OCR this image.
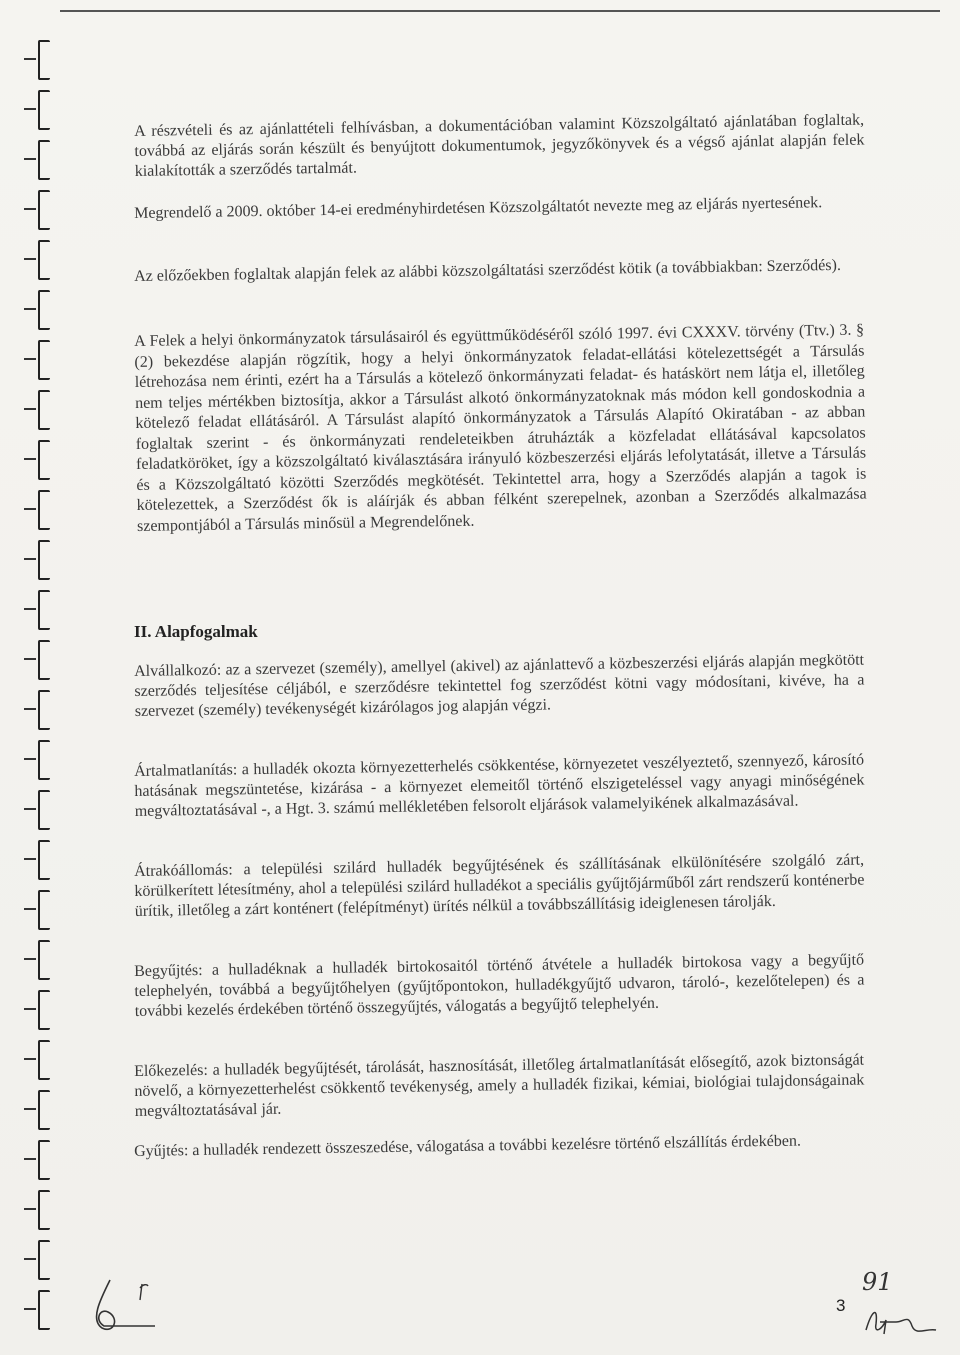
A részvételi és az ajánlattételi felhívásban, a dokumentációban valamint Közszolgáltató ajánlatában foglaltak, továbbá az eljárás során készült és benyújtott dokumentumok, jegyzőkönyvek és a végső ajánlat alapján felek kialakították a szerződés tartalmát.

Megrendelő a 2009. október 14-ei eredményhirdetésen Közszolgáltatót nevezte meg az eljárás nyertesének.

Az előzőekben foglaltak alapján felek az alábbi közszolgáltatási szerződést kötik (a továbbiakban: Szerződés).

A Felek a helyi önkormányzatok társulásairól és együttműködéséről szóló 1997. évi CXXXV. törvény (Ttv.) 3. § (2) bekezdése alapján rögzítik, hogy a helyi önkormányzatok feladat-ellátási kötelezettségét a Társulás létrehozása nem érinti, ezért ha a Társulás a kötelező önkormányzati feladat- és hatáskört nem látja el, illetőleg nem teljes mértékben biztosítja, akkor a Társulást alkotó önkormányzatoknak más módon kell gondoskodnia a kötelező feladat ellátásáról. A Társulást alapító önkormányzatok a Társulás Alapító Okiratában - az abban foglaltak szerint - és önkormányzati rendeleteikben átruházták a közfeladat ellátásával kapcsolatos feladatköröket, így a közszolgáltató kiválasztására irányuló közbeszerzési eljárás lefolytatását, illetve a Társulás és a Közszolgáltató közötti Szerződés megkötését. Tekintettel arra, hogy a Szerződés alapján a tagok is kötelezettek, a Szerződést ők is aláírják és abban félként szerepelnek, azonban a Szerződés alkalmazása szempontjából a Társulás minősül a Megrendelőnek.

II. Alapfogalmak

Alvállalkozó: az a szervezet (személy), amellyel (akivel) az ajánlattevő a közbeszerzési eljárás alapján megkötött szerződés teljesítése céljából, e szerződésre tekintettel fog szerződést kötni vagy módosítani, kivéve, ha a szervezet (személy) tevékenységét kizárólagos jog alapján végzi.

Ártalmatlanítás: a hulladék okozta környezetterhelés csökkentése, környezetet veszélyeztető, szennyező, károsító hatásának megszüntetése, kizárása - a környezet elemeitől történő elszigeteléssel vagy anyagi minőségének megváltoztatásával -, a Hgt. 3. számú mellékletében felsorolt eljárások valamelyikének alkalmazásával.

Átrakóállomás: a települési szilárd hulladék begyűjtésének és szállításának elkülönítésére szolgáló zárt, körülkerített létesítmény, ahol a települési szilárd hulladékot a speciális gyűjtőjárműből zárt rendszerű konténerbe ürítik, illetőleg a zárt konténert (felépítményt) ürítés nélkül a továbbszállításig ideiglenesen tárolják.

Begyűjtés: a hulladéknak a hulladék birtokosaitól történő átvétele a hulladék birtokosa vagy a begyűjtő telephelyén, továbbá a begyűjtőhelyen (gyűjtőpontokon, hulladékgyűjtő udvaron, tároló-, kezelőtelepen) és a további kezelés érdekében történő összegyűjtés, válogatás a begyűjtő telephelyén.

Előkezelés: a hulladék begyűjtését, tárolását, hasznosítását, illetőleg ártalmatlanítását elősegítő, azok biztonságát növelő, a környezetterhelést csökkentő tevékenység, amely a hulladék fizikai, kémiai, biológiai tulajdonságainak megváltoztatásával jár.

Gyűjtés: a hulladék rendezett összeszedése, válogatása a további kezelésre történő elszállítás érdekében.

3
91
